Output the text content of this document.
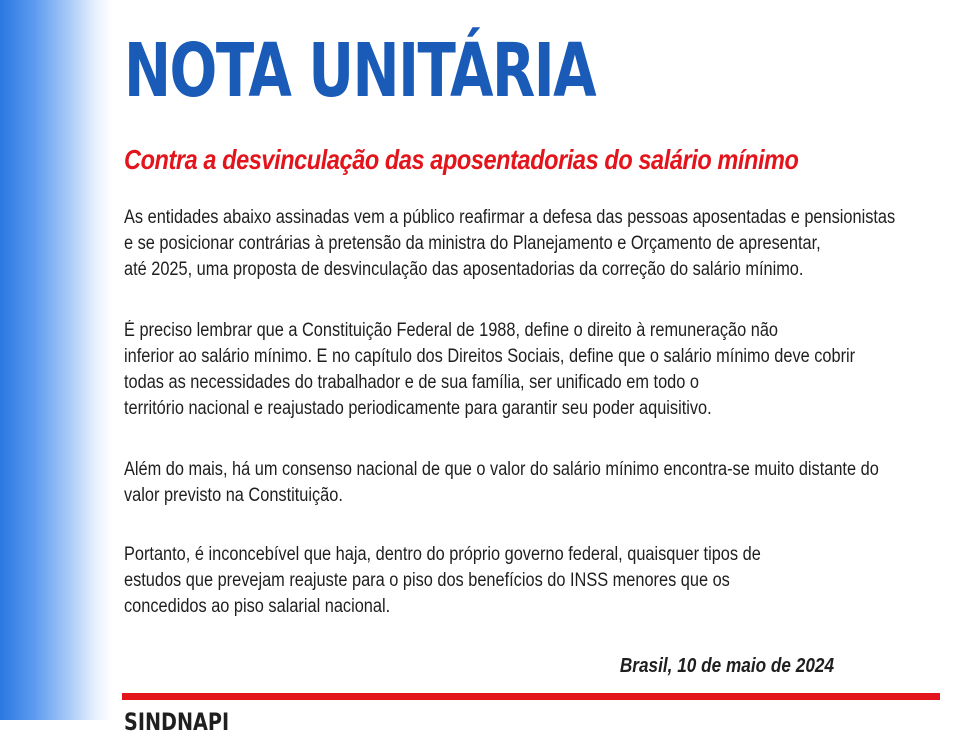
NOTA UNITÁRIA
Contra a desvinculação das aposentadorias do salário mínimo

As entidades abaixo assinadas vem a público reafirmar a defesa das pessoas aposentadas e pensionistas
e se posicionar contrárias à pretensão da ministra do Planejamento e Orçamento de apresentar,
até 2025, uma proposta de desvinculação das aposentadorias da correção do salário mínimo.

É preciso lembrar que a Constituição Federal de 1988, define o direito à remuneração não
inferior ao salário mínimo. E no capítulo dos Direitos Sociais, define que o salário mínimo deve cobrir
todas as necessidades do trabalhador e de sua família, ser unificado em todo o
território nacional e reajustado periodicamente para garantir seu poder aquisitivo.

Além do mais, há um consenso nacional de que o valor do salário mínimo encontra-se muito distante do
valor previsto na Constituição.

Portanto, é inconcebível que haja, dentro do próprio governo federal, quaisquer tipos de
estudos que prevejam reajuste para o piso dos benefícios do INSS menores que os
concedidos ao piso salarial nacional.

Brasil, 10 de maio de 2024

SINDNAPI
